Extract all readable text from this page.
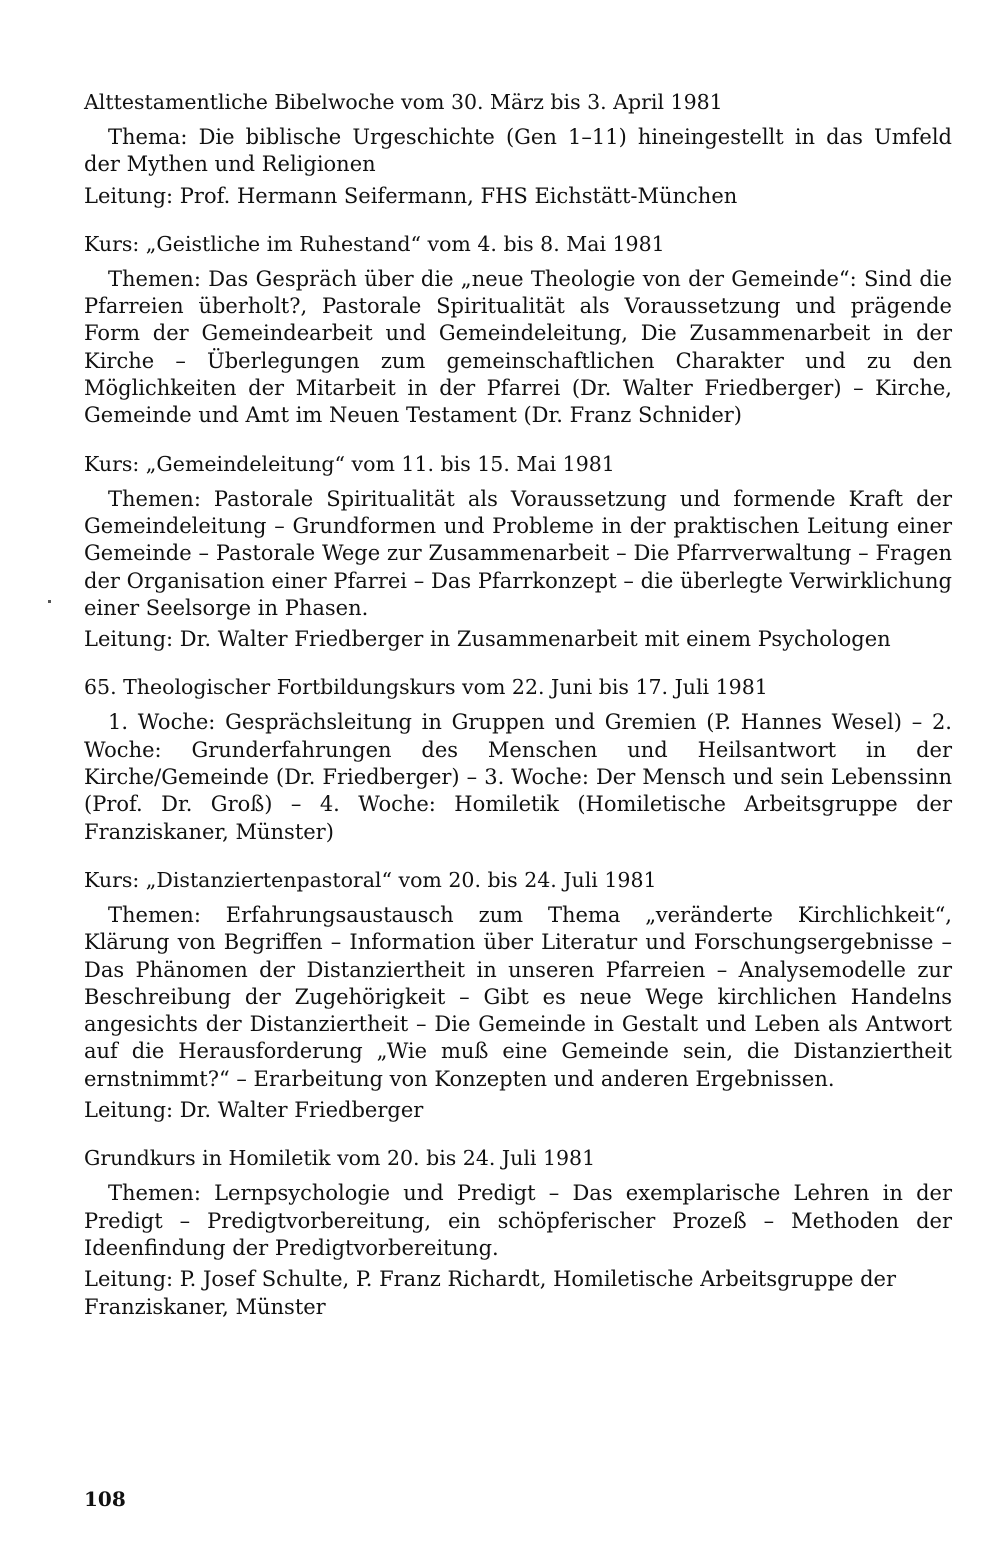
Alttestamentliche Bibelwoche vom 30. März bis 3. April 1981

Thema: Die biblische Urgeschichte (Gen 1–11) hineingestellt in das Umfeld der Mythen und Religionen

Leitung: Prof. Hermann Seifermann, FHS Eichstätt-München

Kurs: „Geistliche im Ruhestand“ vom 4. bis 8. Mai 1981

Themen: Das Gespräch über die „neue Theologie von der Gemeinde“: Sind die Pfarreien überholt?, Pastorale Spiritualität als Voraussetzung und prägende Form der Gemeindearbeit und Gemeindeleitung, Die Zusammenarbeit in der Kirche – Überlegungen zum gemeinschaftlichen Charakter und zu den Möglichkeiten der Mitarbeit in der Pfarrei (Dr. Walter Friedberger) – Kirche, Gemeinde und Amt im Neuen Testament (Dr. Franz Schnider)

Kurs: „Gemeindeleitung“ vom 11. bis 15. Mai 1981

Themen: Pastorale Spiritualität als Voraussetzung und formende Kraft der Gemeindeleitung – Grundformen und Probleme in der praktischen Leitung einer Gemeinde – Pastorale Wege zur Zusammenarbeit – Die Pfarrverwaltung – Fragen der Organisation einer Pfarrei – Das Pfarrkonzept – die überlegte Verwirklichung einer Seelsorge in Phasen.

Leitung: Dr. Walter Friedberger in Zusammenarbeit mit einem Psychologen

65. Theologischer Fortbildungskurs vom 22. Juni bis 17. Juli 1981

1. Woche: Gesprächsleitung in Gruppen und Gremien (P. Hannes Wesel) – 2. Woche: Grunderfahrungen des Menschen und Heilsantwort in der Kirche/Gemeinde (Dr. Friedberger) – 3. Woche: Der Mensch und sein Lebenssinn (Prof. Dr. Groß) – 4. Woche: Homiletik (Homiletische Arbeitsgruppe der Franziskaner, Münster)

Kurs: „Distanziertenpastoral“ vom 20. bis 24. Juli 1981

Themen: Erfahrungsaustausch zum Thema „veränderte Kirchlichkeit“, Klärung von Begriffen – Information über Literatur und Forschungsergebnisse – Das Phänomen der Distanziertheit in unseren Pfarreien – Analysemodelle zur Beschreibung der Zugehörigkeit – Gibt es neue Wege kirchlichen Handelns angesichts der Distanziertheit – Die Gemeinde in Gestalt und Leben als Antwort auf die Herausforderung „Wie muß eine Gemeinde sein, die Distanziertheit ernstnimmt?“ – Erarbeitung von Konzepten und anderen Ergebnissen.

Leitung: Dr. Walter Friedberger

Grundkurs in Homiletik vom 20. bis 24. Juli 1981

Themen: Lernpsychologie und Predigt – Das exemplarische Lehren in der Predigt – Predigtvorbereitung, ein schöpferischer Prozeß – Methoden der Ideenfindung der Predigtvorbereitung.

Leitung: P. Josef Schulte, P. Franz Richardt, Homiletische Arbeitsgruppe der Franziskaner, Münster

108
